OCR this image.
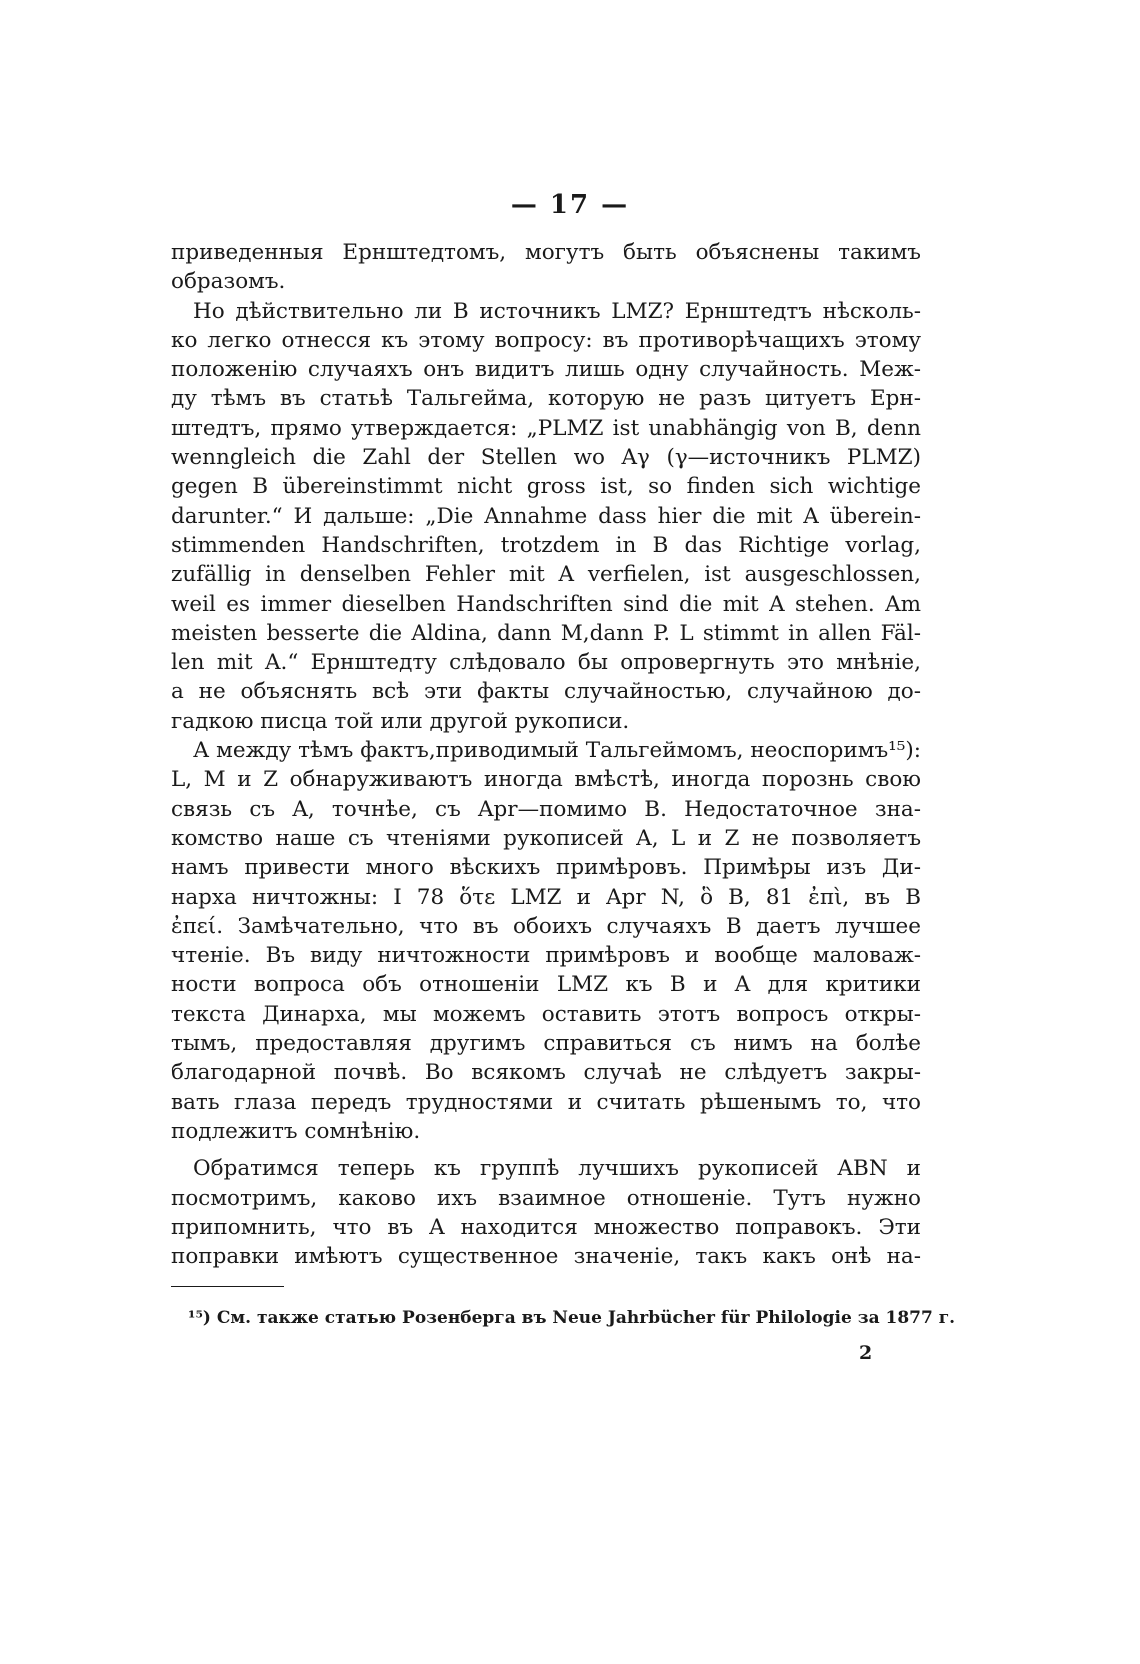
— 17 —
приведенныя Ернштедтомъ, могутъ быть объяснены такимъ
образомъ.
Но дѣйствительно ли B источникъ LMZ? Ернштедтъ нѣсколь-
ко легко отнесся къ этому вопросу: въ противорѣчащихъ этому
положенію случаяхъ онъ видитъ лишь одну случайность. Меж-
ду тѣмъ въ статьѣ Тальгейма, которую не разъ цитуетъ Ерн-
штедтъ, прямо утверждается: „PLMZ ist unabhängig von B, denn
wenngleich die Zahl der Stellen wo Aγ (γ—источникъ PLMZ)
gegen B übereinstimmt nicht gross ist, so finden sich wichtige
darunter.“ И дальше: „Die Annahme dass hier die mit A überein-
stimmenden Handschriften, trotzdem in B das Richtige vorlag,
zufällig in denselben Fehler mit A verfielen, ist ausgeschlossen,
weil es immer dieselben Handschriften sind die mit A stehen. Am
meisten besserte die Aldina, dann M,dann P. L stimmt in allen Fäl-
len mit A.“ Ернштедту слѣдовало бы опровергнуть это мнѣніе,
а не объяснять всѣ эти факты случайностью, случайною до-
гадкою писца той или другой рукописи.
А между тѣмъ фактъ,приводимый Тальгеймомъ, неоспоримъ¹⁵):
L, M и Z обнаруживаютъ иногда вмѣстѣ, иногда порознь свою
связь съ A, точнѣе, съ Apr—помимо B. Недостаточное зна-
комство наше съ чтеніями рукописей A, L и Z не позволяетъ
намъ привести много вѣскихъ примѣровъ. Примѣры изъ Ди-
нарха ничтожны: I 78 ὅτε LMZ и Apr N, ὃ B, 81 ἐπὶ, въ B
ἐπεί. Замѣчательно, что въ обоихъ случаяхъ B даетъ лучшее
чтеніе. Въ виду ничтожности примѣровъ и вообще маловаж-
ности вопроса объ отношеніи LMZ къ B и A для критики
текста Динарха, мы можемъ оставить этотъ вопросъ откры-
тымъ, предоставляя другимъ справиться съ нимъ на болѣе
благодарной почвѣ. Во всякомъ случаѣ не слѣдуетъ закры-
вать глаза передъ трудностями и считать рѣшенымъ то, что
подлежитъ сомнѣнію.
Обратимся теперь къ группѣ лучшихъ рукописей ABN и
посмотримъ, каково ихъ взаимное отношеніе. Тутъ нужно
припомнить, что въ A находится множество поправокъ. Эти
поправки имѣютъ существенное значеніе, такъ какъ онѣ на-
¹⁵) См. также статью Розенберга въ Neue Jahrbücher für Philologie за 1877 г.
2
